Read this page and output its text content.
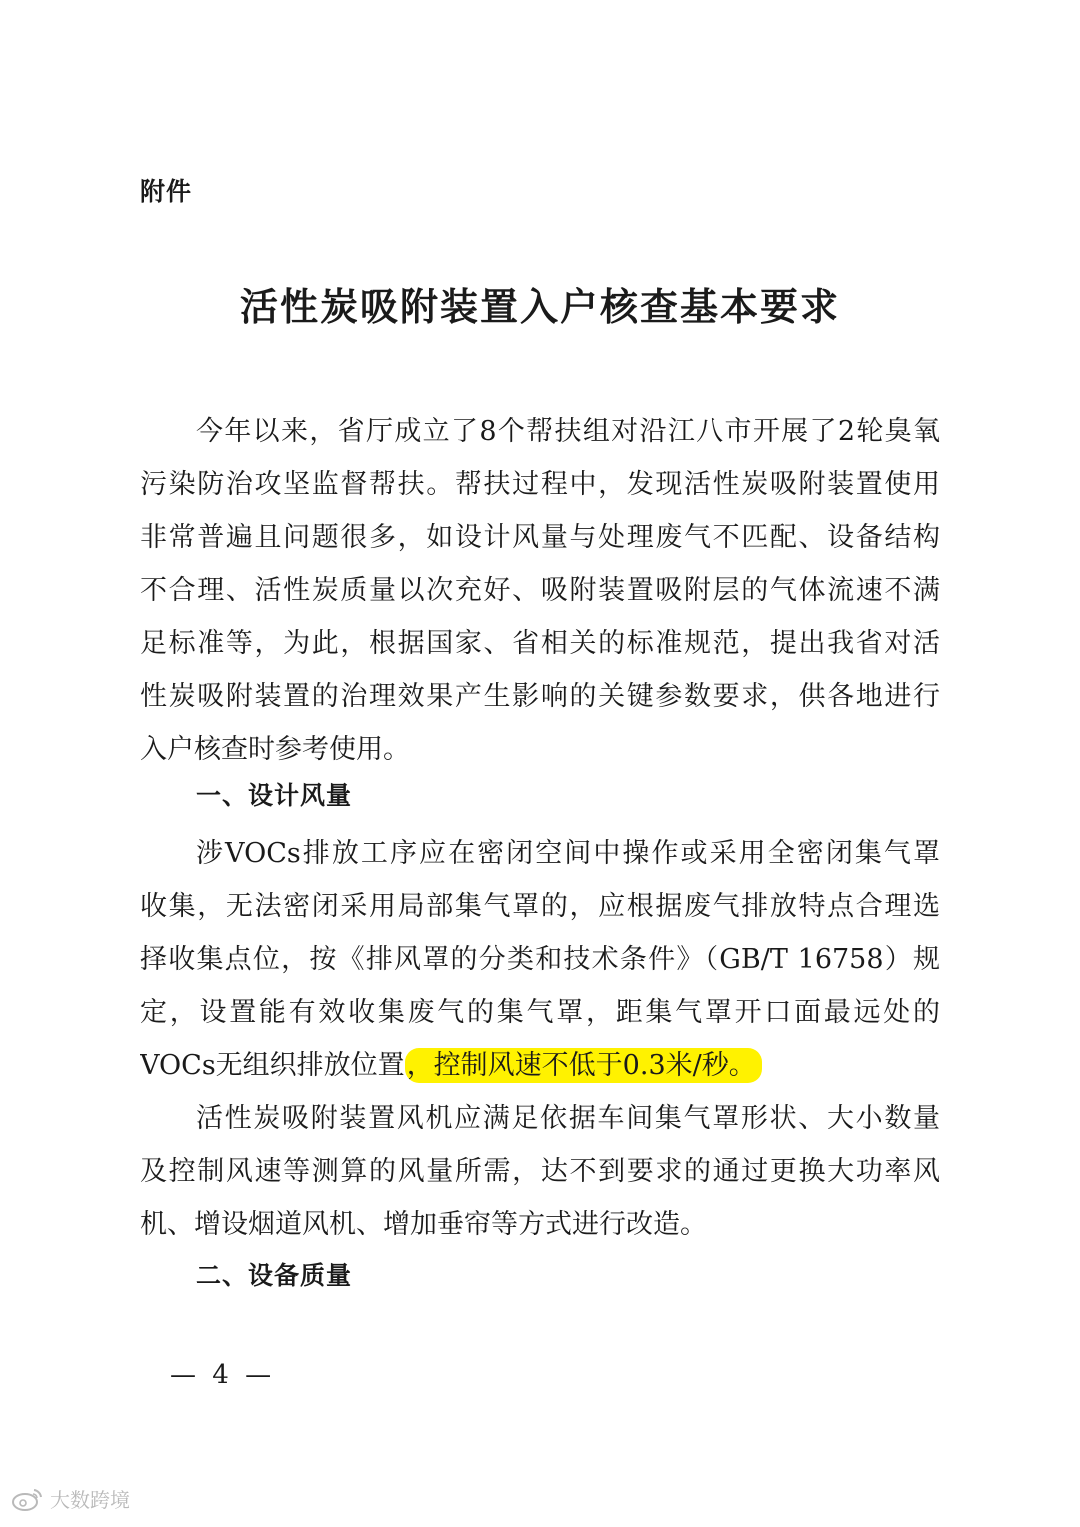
附件
活性炭吸附装置入户核查基本要求
今年以来，省厅成立了8个帮扶组对沿江八市开展了2轮臭氧
污染防治攻坚监督帮扶。帮扶过程中，发现活性炭吸附装置使用
非常普遍且问题很多，如设计风量与处理废气不匹配、设备结构
不合理、活性炭质量以次充好、吸附装置吸附层的气体流速不满
足标准等，为此，根据国家、省相关的标准规范，提出我省对活
性炭吸附装置的治理效果产生影响的关键参数要求，供各地进行
入户核查时参考使用。
一、设计风量
涉VOCs排放工序应在密闭空间中操作或采用全密闭集气罩
收集，无法密闭采用局部集气罩的，应根据废气排放特点合理选
择收集点位，按《排风罩的分类和技术条件》（GB/T 16758）规
定，设置能有效收集废气的集气罩，距集气罩开口面最远处的
VOCs无组织排放位置，控制风速不低于0.3米/秒。
活性炭吸附装置风机应满足依据车间集气罩形状、大小数量
及控制风速等测算的风量所需，达不到要求的通过更换大功率风
机、增设烟道风机、增加垂帘等方式进行改造。
二、设备质量
— 4 —
大数跨境
